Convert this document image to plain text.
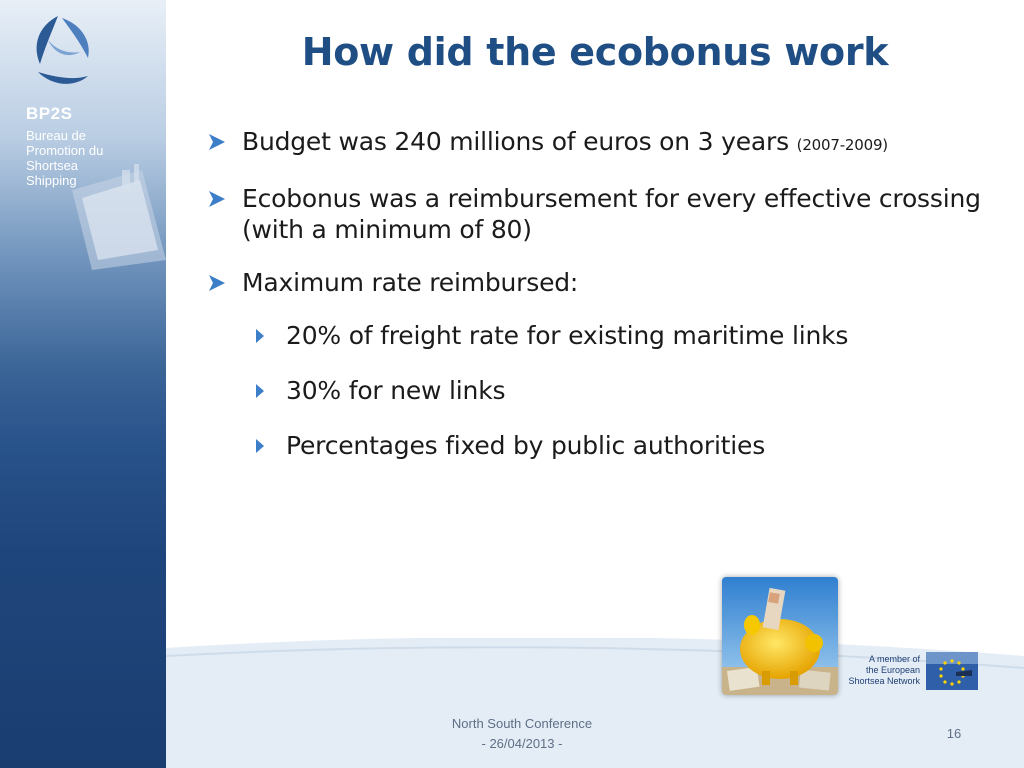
BP2S
Bureau de
Promotion du
Shortsea
Shipping
How did the ecobonus work
Budget was 240 millions of euros on 3 years (2007-2009)
Ecobonus was a reimbursement for every effective crossing (with a minimum of 80)
Maximum rate reimbursed:
20% of freight rate for existing maritime links
30% for new links
Percentages fixed by public authorities
A member of
the European
Shortsea Network
North South Conference
- 26/04/2013 -
16
